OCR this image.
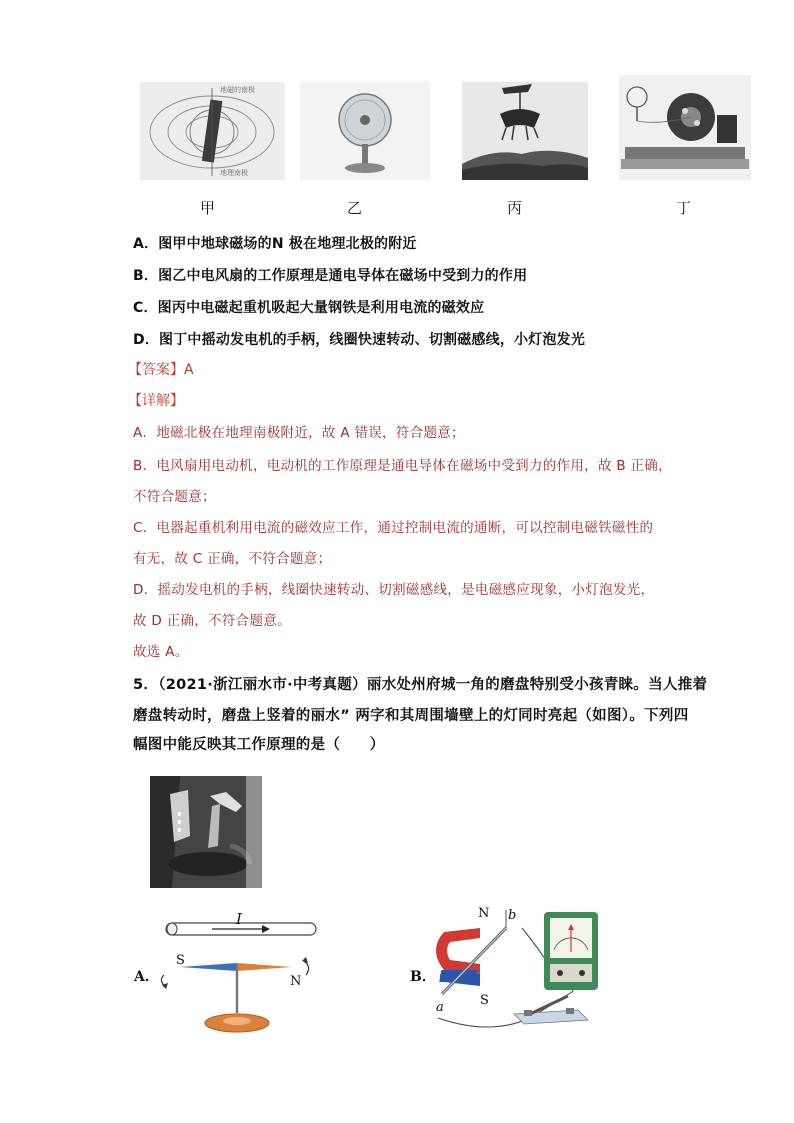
地磁的南极
地理南极
甲	乙	丙	丁
A．图甲中地球磁场的N 极在地理北极的附近
B．图乙中电风扇的工作原理是通电导体在磁场中受到力的作用
C．图丙中电磁起重机吸起大量钢铁是利用电流的磁效应
D．图丁中摇动发电机的手柄，线圈快速转动、切割磁感线，小灯泡发光
【答案】A
【详解】
A．地磁北极在地理南极附近，故 A 错误，符合题意；
B．电风扇用电动机，电动机的工作原理是通电导体在磁场中受到力的作用，故 B 正确，
不符合题意；
C．电器起重机利用电流的磁效应工作，通过控制电流的通断，可以控制电磁铁磁性的
有无，故 C 正确，不符合题意；
D．摇动发电机的手柄，线圈快速转动、切割磁感线，是电磁感应现象，小灯泡发光，
故 D 正确，不符合题意。
故选 A。
5．（2021·浙江丽水市·中考真题）丽水处州府城一角的磨盘特别受小孩青睐。当人推着
磨盘转动时，磨盘上竖着的丽水” 两字和其周围墙壁上的灯同时亮起（如图）。下列四
幅图中能反映其工作原理的是（　　）
A．
I
S
N	B．
N b
S
a
